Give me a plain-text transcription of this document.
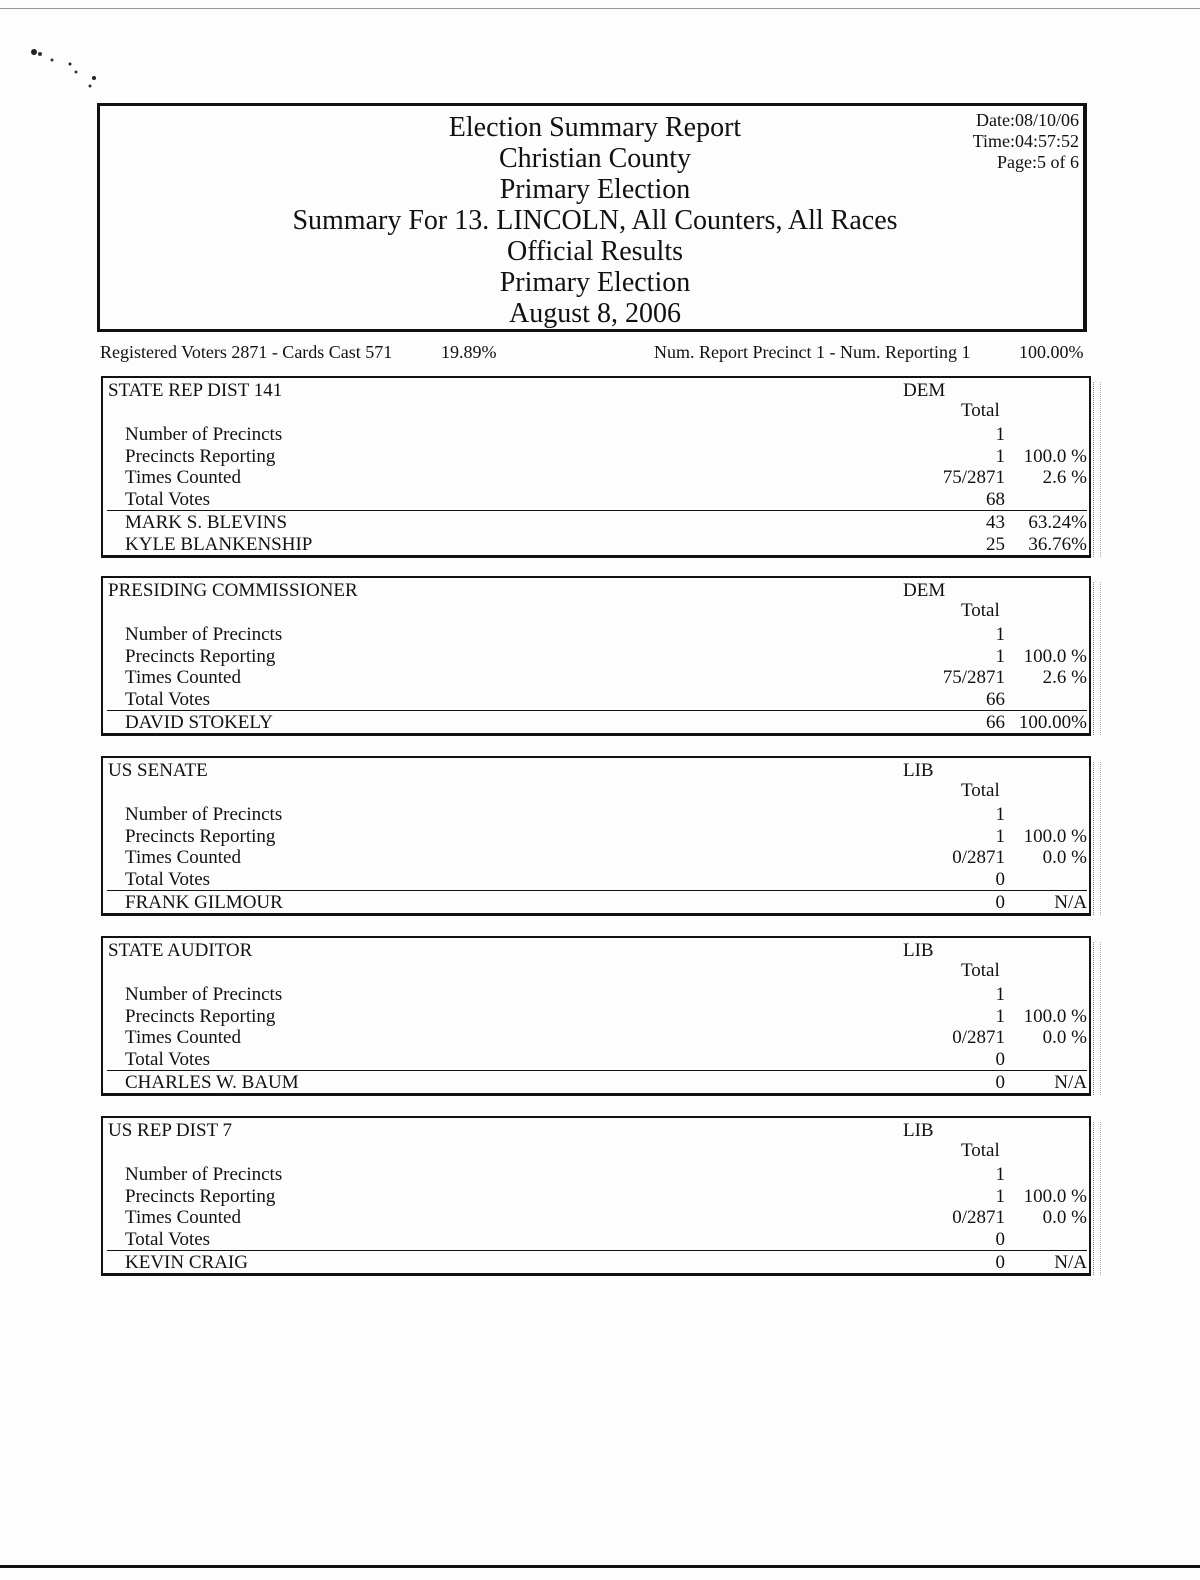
Election Summary Report
Christian County
Primary Election
Summary For 13. LINCOLN, All Counters, All Races
Official Results
Primary Election
August 8, 2006
Date:08/10/06
Time:04:57:52
Page:5 of 6
Registered Voters 2871 - Cards Cast 571	19.89%	Num. Report Precinct 1 - Num. Reporting 1	100.00%
STATE REP DIST 141	DEM
Total
Number of Precincts	1
Precincts Reporting	1 100.0 %
Times Counted	75/2871 2.6 %
Total Votes	68
MARK S. BLEVINS	43 63.24%
KYLE BLANKENSHIP	25 36.76%
PRESIDING COMMISSIONER	DEM
Total
Number of Precincts	1
Precincts Reporting	1 100.0 %
Times Counted	75/2871 2.6 %
Total Votes	66
DAVID STOKELY	66 100.00%
US SENATE	LIB
Total
Number of Precincts	1
Precincts Reporting	1 100.0 %
Times Counted	0/2871 0.0 %
Total Votes	0
FRANK GILMOUR	0	N/A
STATE AUDITOR	LIB
Total
Number of Precincts	1
Precincts Reporting	1 100.0 %
Times Counted	0/2871 0.0 %
Total Votes	0
CHARLES W. BAUM	0	N/A
US REP DIST 7	LIB
Total
Number of Precincts	1
Precincts Reporting	1 100.0 %
Times Counted	0/2871 0.0 %
Total Votes	0
KEVIN CRAIG	0	N/A
